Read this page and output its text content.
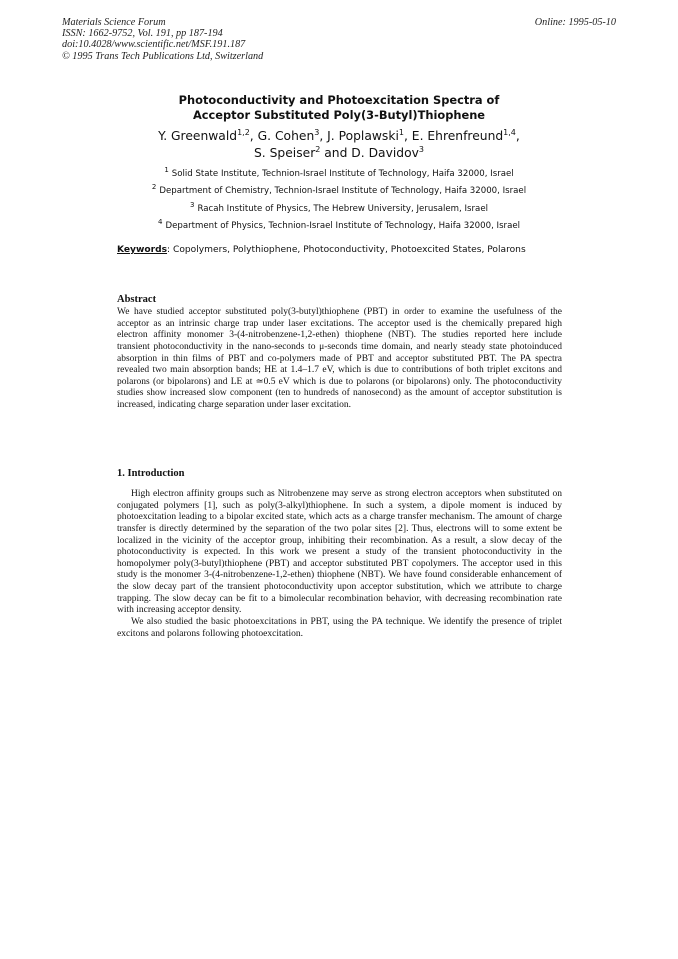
Materials Science Forum
ISSN: 1662-9752, Vol. 191, pp 187-194
doi:10.4028/www.scientific.net/MSF.191.187
© 1995 Trans Tech Publications Ltd, Switzerland
Online: 1995-05-10
Photoconductivity and Photoexcitation Spectra of
Acceptor Substituted Poly(3-Butyl)Thiophene
Y. Greenwald$^{1,2}$, G. Cohen$^3$, J. Poplawski$^1$, E. Ehrenfreund$^{1,4}$,
S. Speiser$^2$ and D. Davidov$^3$
$^1$ Solid State Institute, Technion-Israel Institute of Technology, Haifa 32000, Israel
$^2$ Department of Chemistry, Technion-Israel Institute of Technology, Haifa 32000, Israel
$^3$ Racah Institute of Physics, The Hebrew University, Jerusalem, Israel
$^4$ Department of Physics, Technion-Israel Institute of Technology, Haifa 32000, Israel
Keywords: Copolymers, Polythiophene, Photoconductivity, Photoexcited States, Polarons
Abstract
We have studied acceptor substituted poly(3-butyl)thiophene (PBT) in order to examine the usefulness of the acceptor as an intrinsic charge trap under laser excitations. The acceptor used is the chemically prepared high electron affinity monomer 3-(4-nitrobenzene-1,2-ethen) thiophene (NBT). The studies reported here include transient photoconductivity in the nano-seconds to μ-seconds time domain, and nearly steady state photoinduced absorption in thin films of PBT and co-polymers made of PBT and acceptor substituted PBT. The PA spectra revealed two main absorption bands; HE at 1.4–1.7 eV, which is due to contributions of both triplet excitons and polarons (or bipolarons) and LE at ≃0.5 eV which is due to polarons (or bipolarons) only. The photoconductivity studies show increased slow component (ten to hundreds of nanosecond) as the amount of acceptor substitution is increased, indicating charge separation under laser excitation.
1. Introduction

High electron affinity groups such as Nitrobenzene may serve as strong electron acceptors when substituted on conjugated polymers [1], such as poly(3-alkyl)thiophene. In such a system, a dipole moment is induced by photoexcitation leading to a bipolar excited state, which acts as a charge transfer mechanism. The amount of charge transfer is directly determined by the separation of the two polar sites [2]. Thus, electrons will to some extent be localized in the vicinity of the acceptor group, inhibiting their recombination. As a result, a slow decay of the photoconductivity is expected. In this work we present a study of the transient photoconductivity in the homopolymer poly(3-butyl)thiophene (PBT) and acceptor substituted PBT copolymers. The acceptor used in this study is the monomer 3-(4-nitrobenzene-1,2-ethen) thiophene (NBT). We have found considerable enhancement of the slow decay part of the transient photoconductivity upon acceptor substitution, which we attribute to charge trapping. The slow decay can be fit to a bimolecular recombination behavior, with decreasing recombination rate with increasing acceptor density.

We also studied the basic photoexcitations in PBT, using the PA technique. We identify the presence of triplet excitons and polarons following photoexcitation.
